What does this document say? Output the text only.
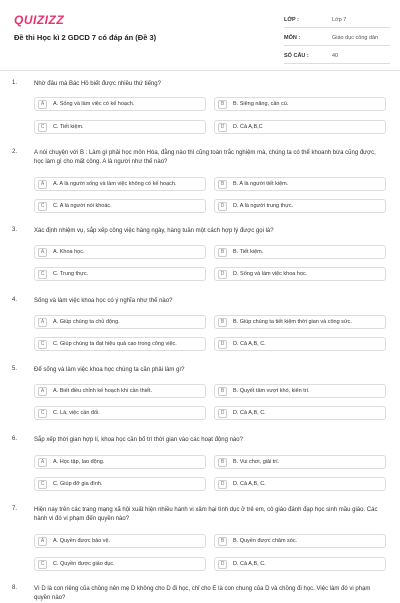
QUIZIZZ
Đề thi Học kì 2 GDCD 7 có đáp án (Đề 3)
LỚP :	Lớp 7
MÔN :	Giáo dục công dân
SỐ CÂU :	40
1.	Nhờ đâu mà Bác Hồ biết được nhiều thứ tiếng?
A	A. Sống và làm việc có kế hoạch.	B	B. Siêng năng, cần cù.
C	C. Tiết kiệm.	D	D. Cả A,B,C
2.	A nói chuyện với B : Làm gì phải học môn Hóa, đằng nào thì cũng toàn trắc nghiệm mà, chúng ta có thể khoanh bừa cũng được, học làm gì cho mất công. A là người như thế nào?
A	A. A là người sống và làm việc không có kế hoạch.	B	B. A là người tiết kiệm.
C	C. A là người nói khoác.	D	D. A là người trung thực.
3.	Xác định nhiệm vụ, sắp xếp công việc hàng ngày, hàng tuần một cách hợp lý được gọi là?
A	A. Khoa học.	B	B. Tiết kiệm.
C	C. Trung thực.	D	D. Sống và làm việc khoa học.
4.	Sống và làm việc khoa học có ý nghĩa như thế nào?
A	A. Giúp chúng ta chủ động.	B	B. Giúp chúng ta tiết kiệm thời gian và công sức.
C	C. Giúp chúng ta đạt hiệu quả cao trong công việc.	D	D. Cả A,B, C.
5.	Để sống và làm việc khoa học chúng ta cần phải làm gì?
A	A. Biết điều chỉnh kế hoạch khi cần thiết.	B	B. Quyết tâm vượt khó, kiên trì.
C	C. Là, việc cần đối.	D	D. Cả A,B, C.
6.	Sắp xếp thời gian hợp lí, khoa học cần bố trí thời gian vào các hoạt động nào?
A	A. Học tập, lao động.	B	B. Vui chơi, giải trí.
C	C. Giúp đỡ gia đình.	D	D. Cả A,B, C.
7.	Hiện nay trên các trang mạng xã hội xuất hiện nhiều hành vi xâm hại tình dục ở trẻ em, cô giáo đánh đạp học sinh mầu giáo. Các hành vi đó vi phạm đến quyền nào?
A	A. Quyền được bảo vệ.	B	B. Quyền được chăm sóc.
C	C. Quyền được giáo dục.	D	D. Cả A,B, C.
8.	Vì D là con riêng của chồng nên mẹ D không cho D đi học, chỉ cho E là con chung của D và chồng đi học. Việc làm đó vi phạm quyền nào?
